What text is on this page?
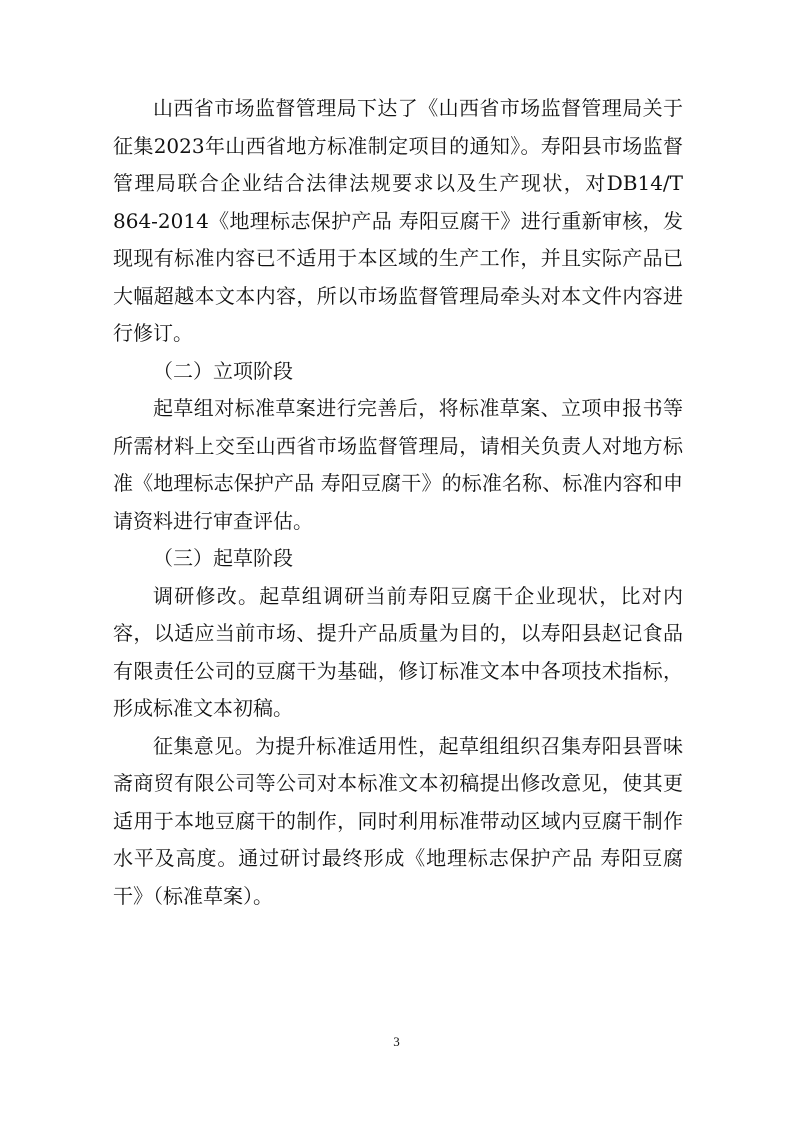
山西省市场监督管理局下达了《山西省市场监督管理局关于征集2023年山西省地方标准制定项目的通知》。寿阳县市场监督管理局联合企业结合法律法规要求以及生产现状，对DB14/T 864-2014《地理标志保护产品 寿阳豆腐干》进行重新审核，发现现有标准内容已不适用于本区域的生产工作，并且实际产品已大幅超越本文本内容，所以市场监督管理局牵头对本文件内容进行修订。

（二）立项阶段

起草组对标准草案进行完善后，将标准草案、立项申报书等所需材料上交至山西省市场监督管理局，请相关负责人对地方标准《地理标志保护产品 寿阳豆腐干》的标准名称、标准内容和申请资料进行审查评估。

（三）起草阶段

调研修改。起草组调研当前寿阳豆腐干企业现状，比对内容，以适应当前市场、提升产品质量为目的，以寿阳县赵记食品有限责任公司的豆腐干为基础，修订标准文本中各项技术指标，形成标准文本初稿。

征集意见。为提升标准适用性，起草组组织召集寿阳县晋味斋商贸有限公司等公司对本标准文本初稿提出修改意见，使其更适用于本地豆腐干的制作，同时利用标准带动区域内豆腐干制作水平及高度。通过研讨最终形成《地理标志保护产品 寿阳豆腐干》（标准草案）。

3
